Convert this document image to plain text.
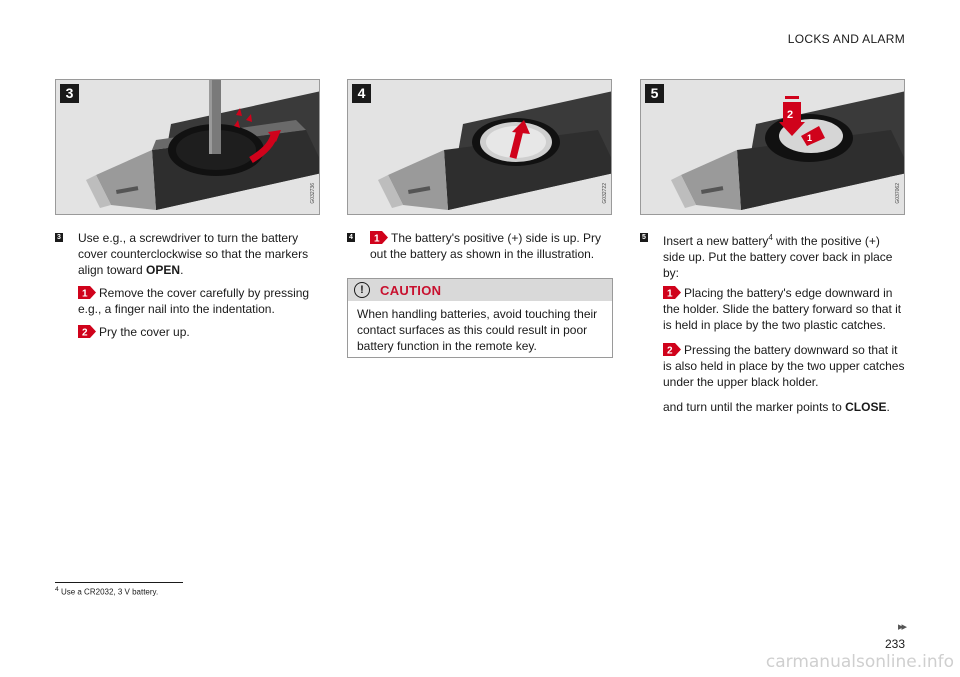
LOCKS AND ALARM
3
G032736
4
G032722
2
1
5
G037062
3 Use e.g., a screwdriver to turn the battery cover counterclockwise so that the markers align toward OPEN.
1 Remove the cover carefully by pressing e.g., a finger nail into the indentation.
2 Pry the cover up.
4 1 The battery's positive (+) side is up. Pry out the battery as shown in the illustration.
!	CAUTION
When handling batteries, avoid touching their contact surfaces as this could result in poor battery function in the remote key.
5 Insert a new battery$^4$ with the positive (+) side up. Put the battery cover back in place by:
1 Placing the battery's edge downward in the holder. Slide the battery forward so that it is held in place by the two plastic catches.
2 Pressing the battery downward so that it is also held in place by the two upper catches under the upper black holder.
and turn until the marker points to CLOSE.
$^4$ Use a CR2032, 3 V battery.
▸▸
233
carmanualsonline.info
